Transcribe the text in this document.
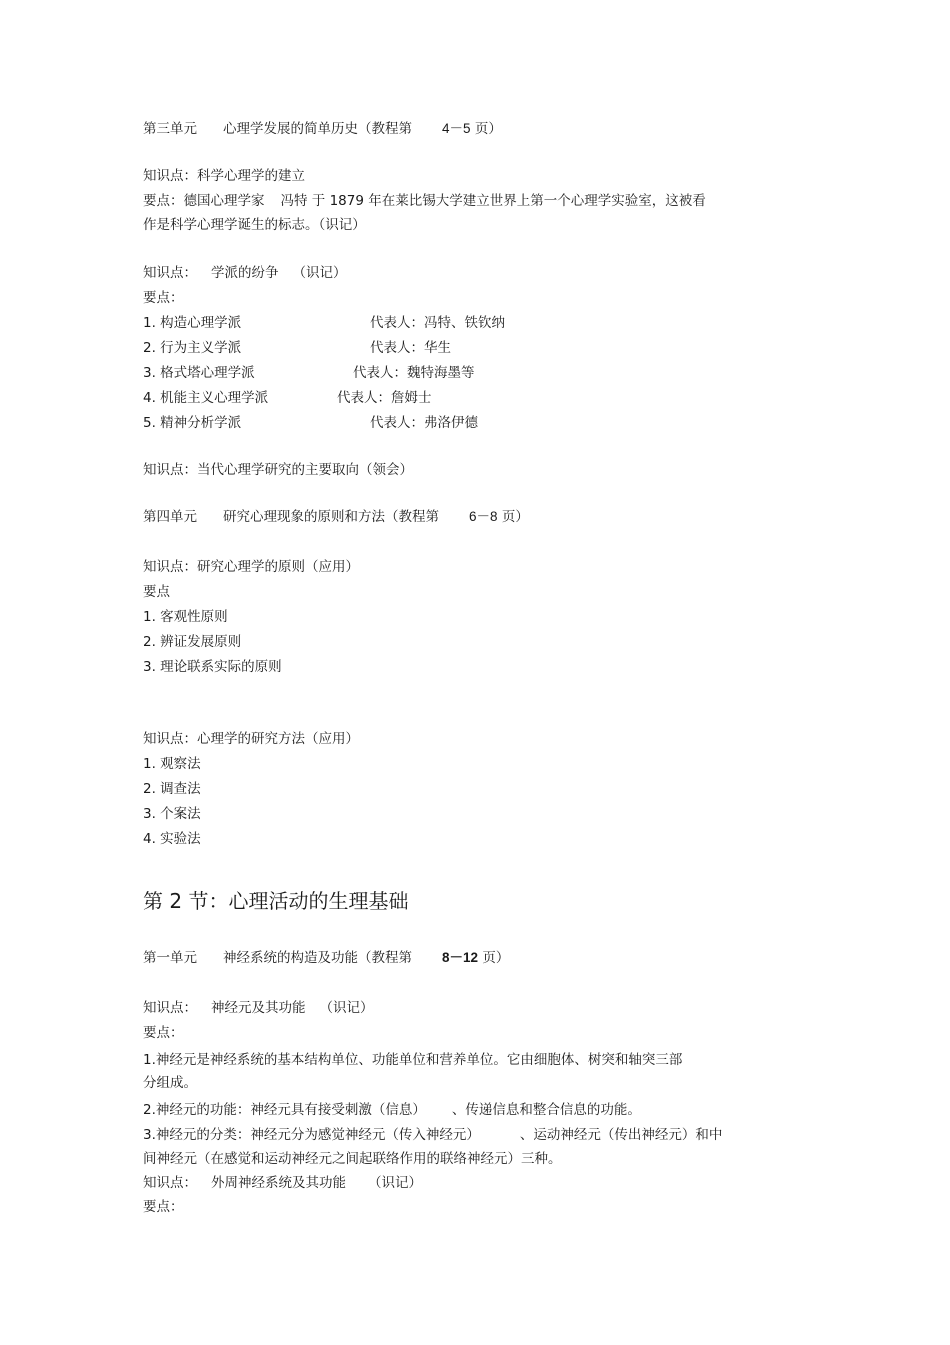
第三单元 心理学发展的简单历史（教程第 4－5 页）
知识点：科学心理学的建立
要点：德国心理学家 冯特 于 1879 年在莱比锡大学建立世界上第一个心理学实验室，这被看
作是科学心理学诞生的标志。（识记）
知识点： 学派的纷争 （识记）
要点：
1. 构造心理学派	代表人：冯特、铁钦纳
2. 行为主义学派	代表人：华生
3. 格式塔心理学派	代表人：魏特海墨等
4. 机能主义心理学派	代表人：詹姆士
5. 精神分析学派	代表人：弗洛伊德
知识点：当代心理学研究的主要取向（领会）
第四单元 研究心理现象的原则和方法（教程第 6－8 页）
知识点：研究心理学的原则（应用）
要点
1. 客观性原则
2. 辨证发展原则
3. 理论联系实际的原则
知识点：心理学的研究方法（应用）
1. 观察法
2. 调查法
3. 个案法
4. 实验法
第 2 节：心理活动的生理基础
第一单元 神经系统的构造及功能（教程第 8－12 页）
知识点： 神经元及其功能 （识记）
要点：
1.神经元是神经系统的基本结构单位、功能单位和营养单位。它由细胞体、树突和轴突三部
分组成。
2.神经元的功能：神经元具有接受刺激（信息） 、传递信息和整合信息的功能。
3.神经元的分类：神经元分为感觉神经元（传入神经元）	、运动神经元（传出神经元）和中
间神经元（在感觉和运动神经元之间起联络作用的联络神经元）三种。
知识点： 外周神经系统及其功能 （识记）
要点：
